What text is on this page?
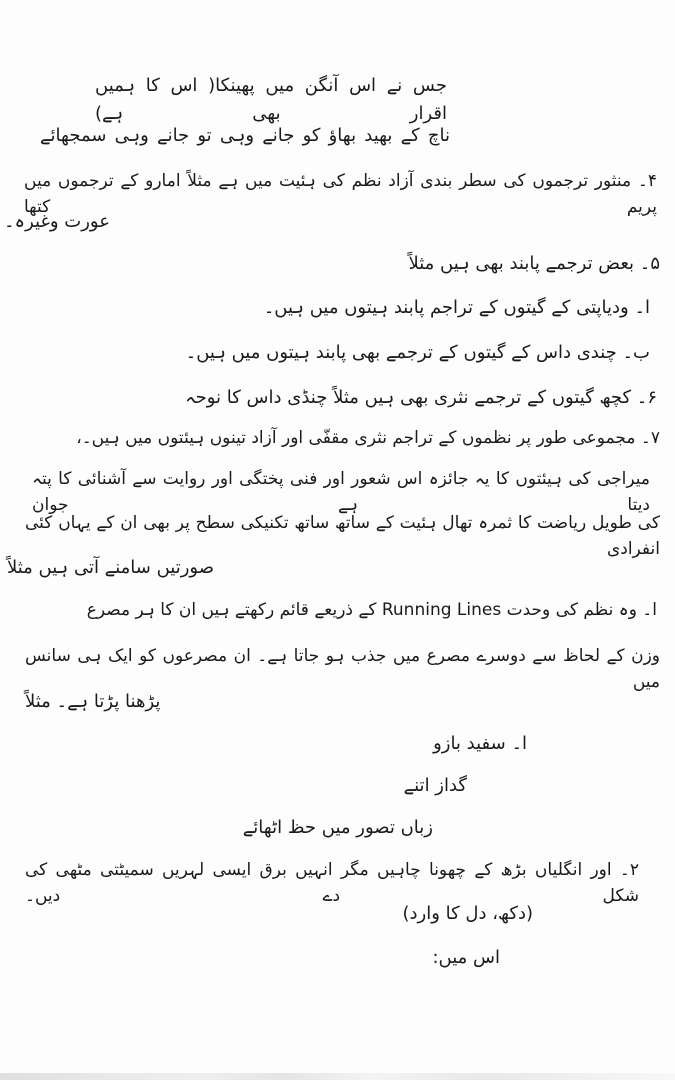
جس نے اس آنگن میں پھینکا( اس کا ہمیں اقرار بھی ہے)
ناچ کے بھید بھاؤ کو جانے وہی تو جانے وہی سمجھائے
۴۔ منثور ترجموں کی سطر بندی آزاد نظم کی ہئیت میں ہے مثلاً امارو کے ترجموں میں پریم کتھا
عورت وغیرہ۔
۵۔ بعض ترجمے پابند بھی ہیں مثلاً
ا۔ ودیاپتی کے گیتوں کے تراجم پابند ہیتوں میں ہیں۔
ب۔ چندی داس کے گیتوں کے ترجمے بھی پابند ہیتوں میں ہیں۔
۶۔ کچھ گیتوں کے ترجمے نثری بھی ہیں مثلاً چنڈی داس کا نوحہ
۷۔ مجموعی طور پر نظموں کے تراجم نثری مقفّی اور آزاد تینوں ہیئتوں میں ہیں۔،
میراجی کی ہیئتوں کا یہ جائزہ اس شعور اور فنی پختگی اور روایت سے آشنائی کا پتہ دیتا ہے جوان
کی طویل ریاضت کا ثمرہ تھال ہئیت کے ساتھ ساتھ تکنیکی سطح پر بھی ان کے یہاں کئی انفرادی
صورتیں سامنے آتی ہیں مثلاً
ا۔ وہ نظم کی وحدت Running Lines کے ذریعے قائم رکھتے ہیں ان کا ہر مصرع
وزن کے لحاظ سے دوسرے مصرع میں جذب ہو جاتا ہے۔ ان مصرعوں کو ایک ہی سانس میں
پڑھنا پڑتا ہے۔ مثلاً
ا۔ سفید بازو
گداز اتنے
زباں تصور میں حظ اٹھائے
۲۔ اور انگلیاں بڑھ کے چھونا چاہیں مگر انہیں برق ایسی لہریں سمیٹتی مٹھی کی شکل دے دیں۔
(دکھ، دل کا وارد)
اس میں:
